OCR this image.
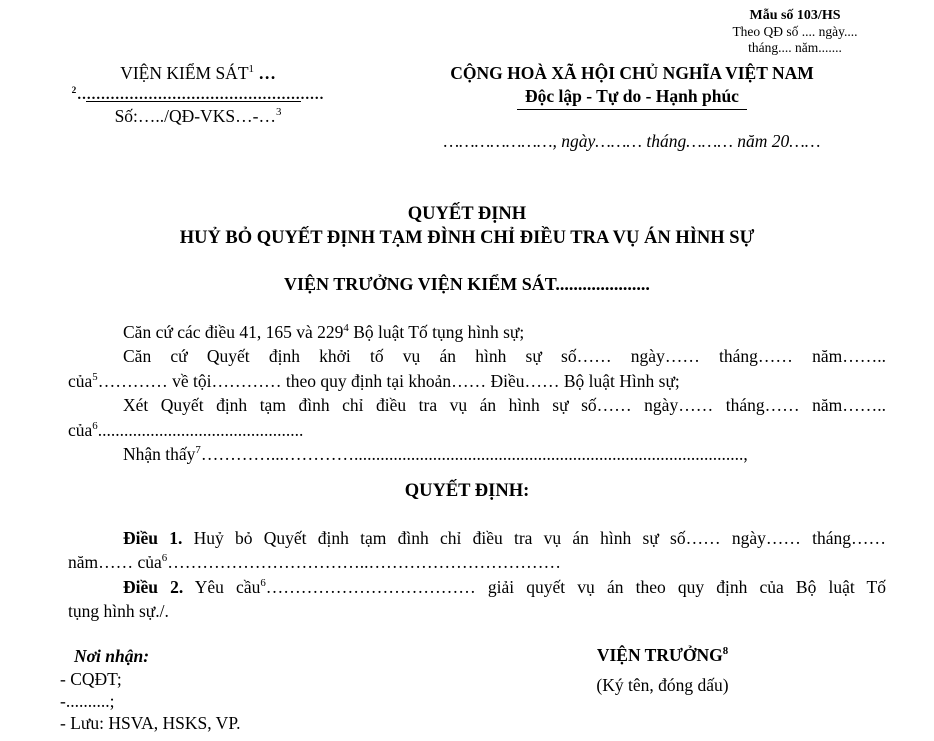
Mẫu số 103/HS
Theo QĐ số .... ngày....
tháng.... năm.......
VIỆN KIỂM SÁT$^1$ …
$^2$....................................................
Số:…../QĐ-VKS…-…$^3$
CỘNG HOÀ XÃ HỘI CHỦ NGHĨA VIỆT NAM
Độc lập - Tự do - Hạnh phúc
…………………, ngày……… tháng……… năm 20……
QUYẾT ĐỊNH
HUỶ BỎ QUYẾT ĐỊNH TẠM ĐÌNH CHỈ ĐIỀU TRA VỤ ÁN HÌNH SỰ
VIỆN TRƯỞNG VIỆN KIỂM SÁT.....................
Căn cứ các điều 41, 165 và $229^4$ Bộ luật Tố tụng hình sự;
Căn cứ Quyết định khởi tố vụ án hình sự số…… ngày…… tháng…… năm……..
của$^5$………… về tội………… theo quy định tại khoản…… Điều…… Bộ luật Hình sự;
Xét Quyết định tạm đình chỉ điều tra vụ án hình sự số…… ngày…… tháng…… năm……..
của$^6$...............................................
Nhận thấy$^7$…………...………….........................................................................................,
QUYẾT ĐỊNH:
Điều 1. Huỷ bỏ Quyết định tạm đình chỉ điều tra vụ án hình sự số…… ngày…… tháng……
năm…… của$^6$……………………………..……………………………
Điều 2. Yêu cầu$^6$……………………………… giải quyết vụ án theo quy định của Bộ luật Tố
tụng hình sự./.
Nơi nhận:
- CQĐT;
-..........;
- Lưu: HSVA, HSKS, VP.
VIỆN TRƯỞNG$^8$
(Ký tên, đóng dấu)
